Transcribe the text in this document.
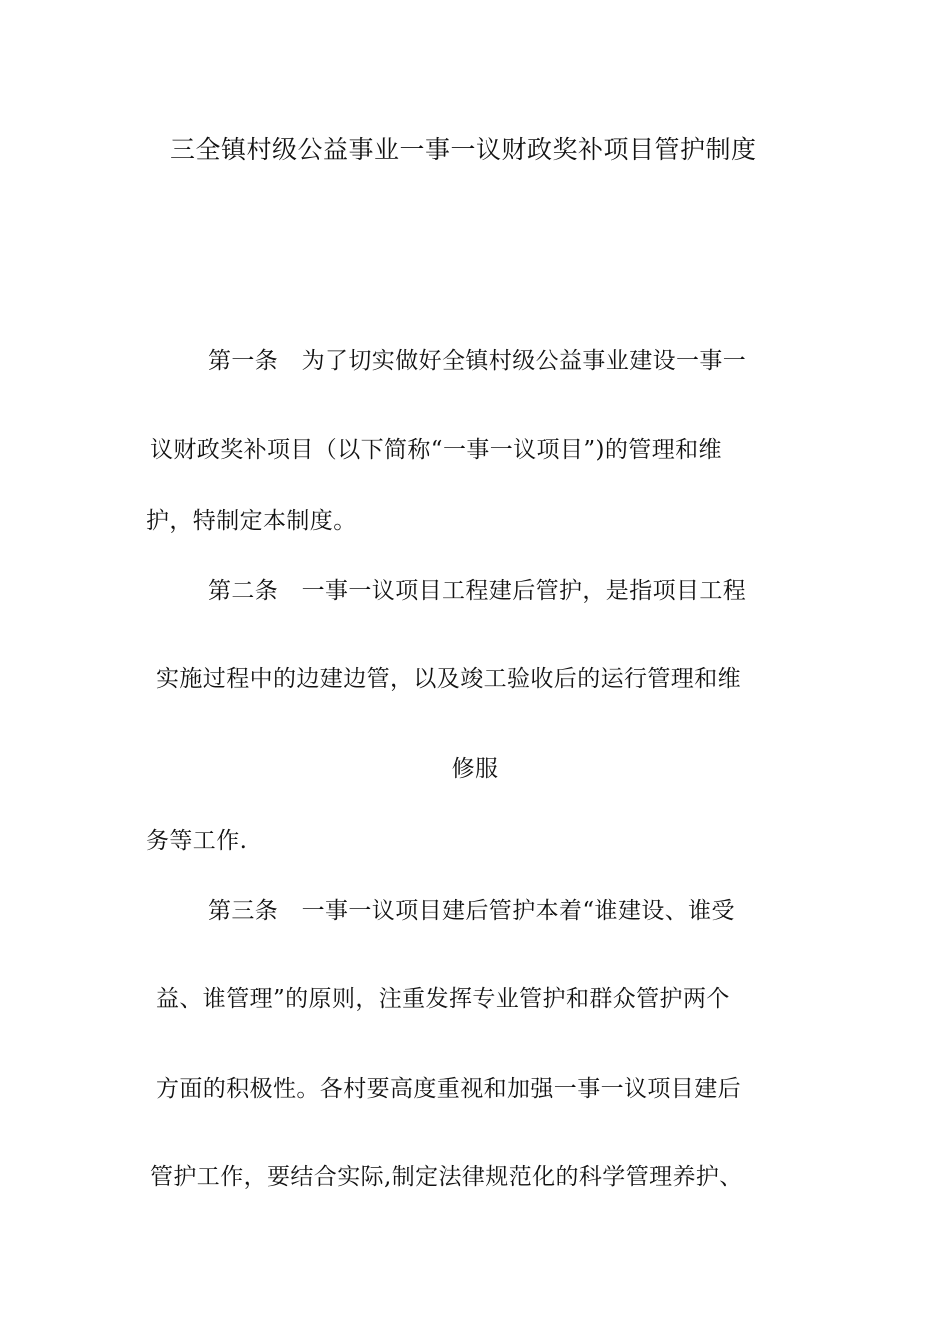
三全镇村级公益事业一事一议财政奖补项目管护制度
第一条　为了切实做好全镇村级公益事业建设一事一
议财政奖补项目（以下简称“一事一议项目”)的管理和维
护，特制定本制度。
第二条　一事一议项目工程建后管护，是指项目工程
实施过程中的边建边管，以及竣工验收后的运行管理和维
修服
务等工作.
第三条　一事一议项目建后管护本着“谁建设、谁受
益、谁管理”的原则，注重发挥专业管护和群众管护两个
方面的积极性。各村要高度重视和加强一事一议项目建后
管护工作，要结合实际,制定法律规范化的科学管理养护、
